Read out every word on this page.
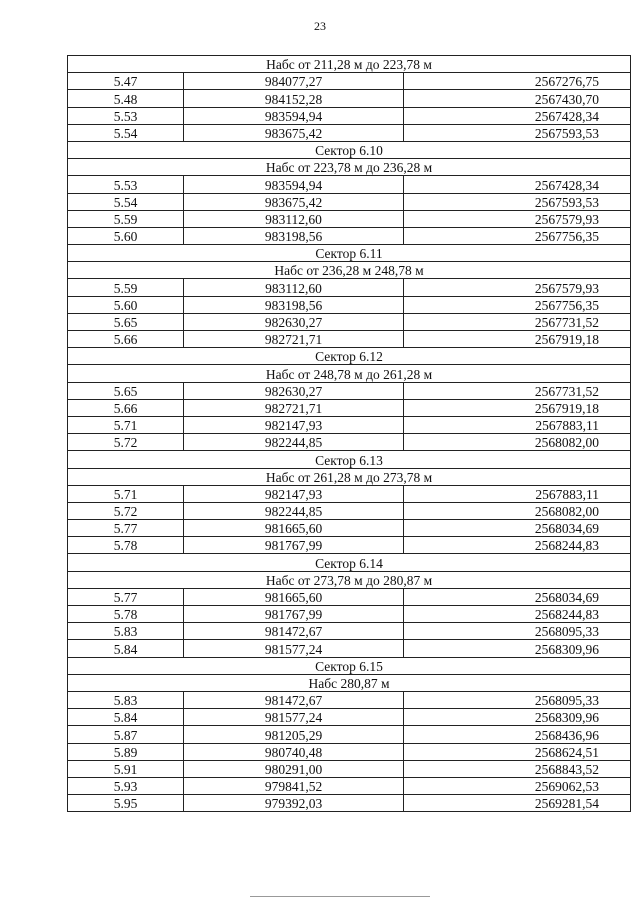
23
Набс от 211,28 м до 223,78 м		
5.47	984077,27	2567276,75
5.48	984152,28	2567430,70
5.53	983594,94	2567428,34
5.54	983675,42	2567593,53
Сектор 6.10		
Набс от 223,78 м до 236,28 м		
5.53	983594,94	2567428,34
5.54	983675,42	2567593,53
5.59	983112,60	2567579,93
5.60	983198,56	2567756,35
Сектор 6.11		
Набс от 236,28 м 248,78 м		
5.59	983112,60	2567579,93
5.60	983198,56	2567756,35
5.65	982630,27	2567731,52
5.66	982721,71	2567919,18
Сектор 6.12		
Набс от 248,78 м до 261,28 м		
5.65	982630,27	2567731,52
5.66	982721,71	2567919,18
5.71	982147,93	2567883,11
5.72	982244,85	2568082,00
Сектор 6.13		
Набс от 261,28 м до 273,78 м		
5.71	982147,93	2567883,11
5.72	982244,85	2568082,00
5.77	981665,60	2568034,69
5.78	981767,99	2568244,83
Сектор 6.14		
Набс от 273,78 м до 280,87 м		
5.77	981665,60	2568034,69
5.78	981767,99	2568244,83
5.83	981472,67	2568095,33
5.84	981577,24	2568309,96
Сектор 6.15		
Набс 280,87 м		
5.83	981472,67	2568095,33
5.84	981577,24	2568309,96
5.87	981205,29	2568436,96
5.89	980740,48	2568624,51
5.91	980291,00	2568843,52
5.93	979841,52	2569062,53
5.95	979392,03	2569281,54
